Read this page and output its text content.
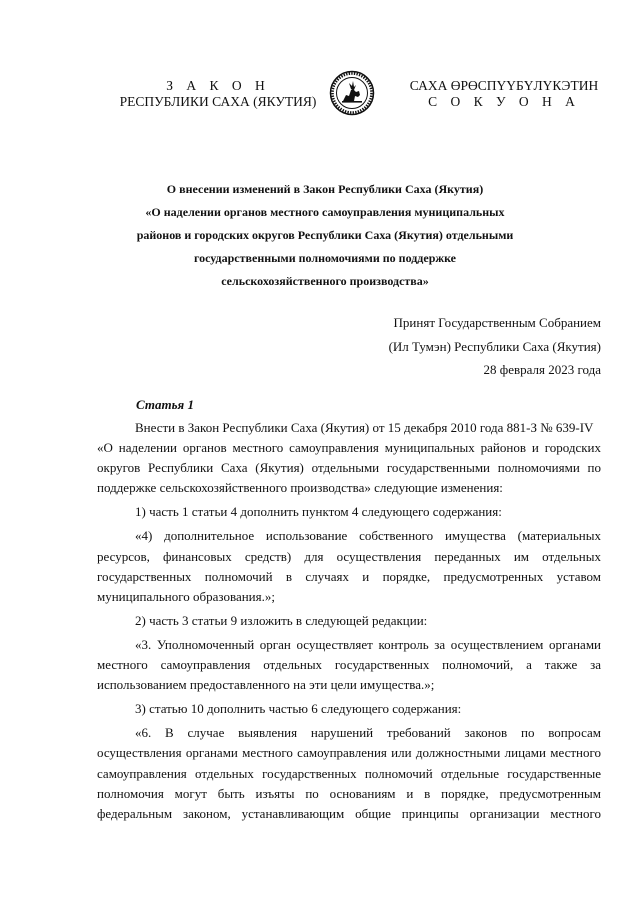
З А К О Н
РЕСПУБЛИКИ САХА (ЯКУТИЯ)
САХА ӨРӨСПҮҮБҮЛҮКЭТИН
С О К У О Н А
О внесении изменений в Закон Республики Саха (Якутия)
«О наделении органов местного самоуправления муниципальных
районов и городских округов Республики Саха (Якутия) отдельными
государственными полномочиями по поддержке
сельскохозяйственного производства»
Принят Государственным Собранием
(Ил Тумэн) Республики Саха (Якутия)
28 февраля 2023 года
Статья 1
Внести в Закон Республики Саха (Якутия) от 15 декабря 2010 года 881-З № 639-IV
«О наделении органов местного самоуправления муниципальных районов и городских
округов Республики Саха (Якутия) отдельными государственными полномочиями по
поддержке сельскохозяйственного производства» следующие изменения:
1) часть 1 статьи 4 дополнить пунктом 4 следующего содержания:
«4) дополнительное использование собственного имущества (материальных
ресурсов, финансовых средств) для осуществления переданных им отдельных
государственных полномочий в случаях и порядке, предусмотренных уставом
муниципального образования.»;
2) часть 3 статьи 9 изложить в следующей редакции:
«3. Уполномоченный орган осуществляет контроль за осуществлением органами
местного самоуправления отдельных государственных полномочий, а также за
использованием предоставленного на эти цели имущества.»;
3) статью 10 дополнить частью 6 следующего содержания:
«6. В случае выявления нарушений требований законов по вопросам
осуществления органами местного самоуправления или должностными лицами местного
самоуправления отдельных государственных полномочий отдельные государственные
полномочия могут быть изъяты по основаниям и в порядке, предусмотренным
федеральным законом, устанавливающим общие принципы организации местного
